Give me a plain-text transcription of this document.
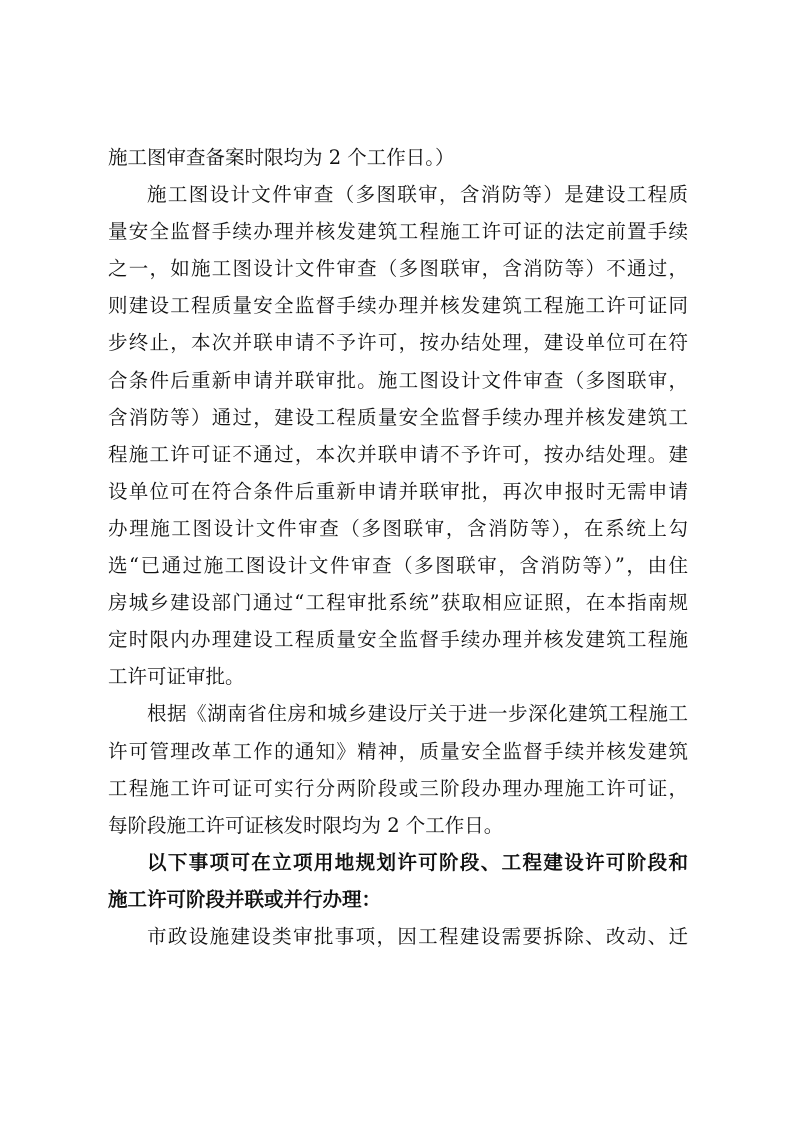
施工图审查备案时限均为 2 个工作日。）
施工图设计文件审查（多图联审，含消防等）是建设工程质
量安全监督手续办理并核发建筑工程施工许可证的法定前置手续
之一，如施工图设计文件审查（多图联审，含消防等）不通过，
则建设工程质量安全监督手续办理并核发建筑工程施工许可证同
步终止，本次并联申请不予许可，按办结处理，建设单位可在符
合条件后重新申请并联审批。施工图设计文件审查（多图联审，
含消防等）通过，建设工程质量安全监督手续办理并核发建筑工
程施工许可证不通过，本次并联申请不予许可，按办结处理。建
设单位可在符合条件后重新申请并联审批，再次申报时无需申请
办理施工图设计文件审查（多图联审，含消防等），在系统上勾
选“已通过施工图设计文件审查（多图联审，含消防等）”，由住
房城乡建设部门通过“工程审批系统”获取相应证照，在本指南规
定时限内办理建设工程质量安全监督手续办理并核发建筑工程施
工许可证审批。
根据《湖南省住房和城乡建设厅关于进一步深化建筑工程施工
许可管理改革工作的通知》精神，质量安全监督手续并核发建筑
工程施工许可证可实行分两阶段或三阶段办理办理施工许可证，
每阶段施工许可证核发时限均为 2 个工作日。
以下事项可在立项用地规划许可阶段、工程建设许可阶段和
施工许可阶段并联或并行办理：
市政设施建设类审批事项，因工程建设需要拆除、改动、迁
